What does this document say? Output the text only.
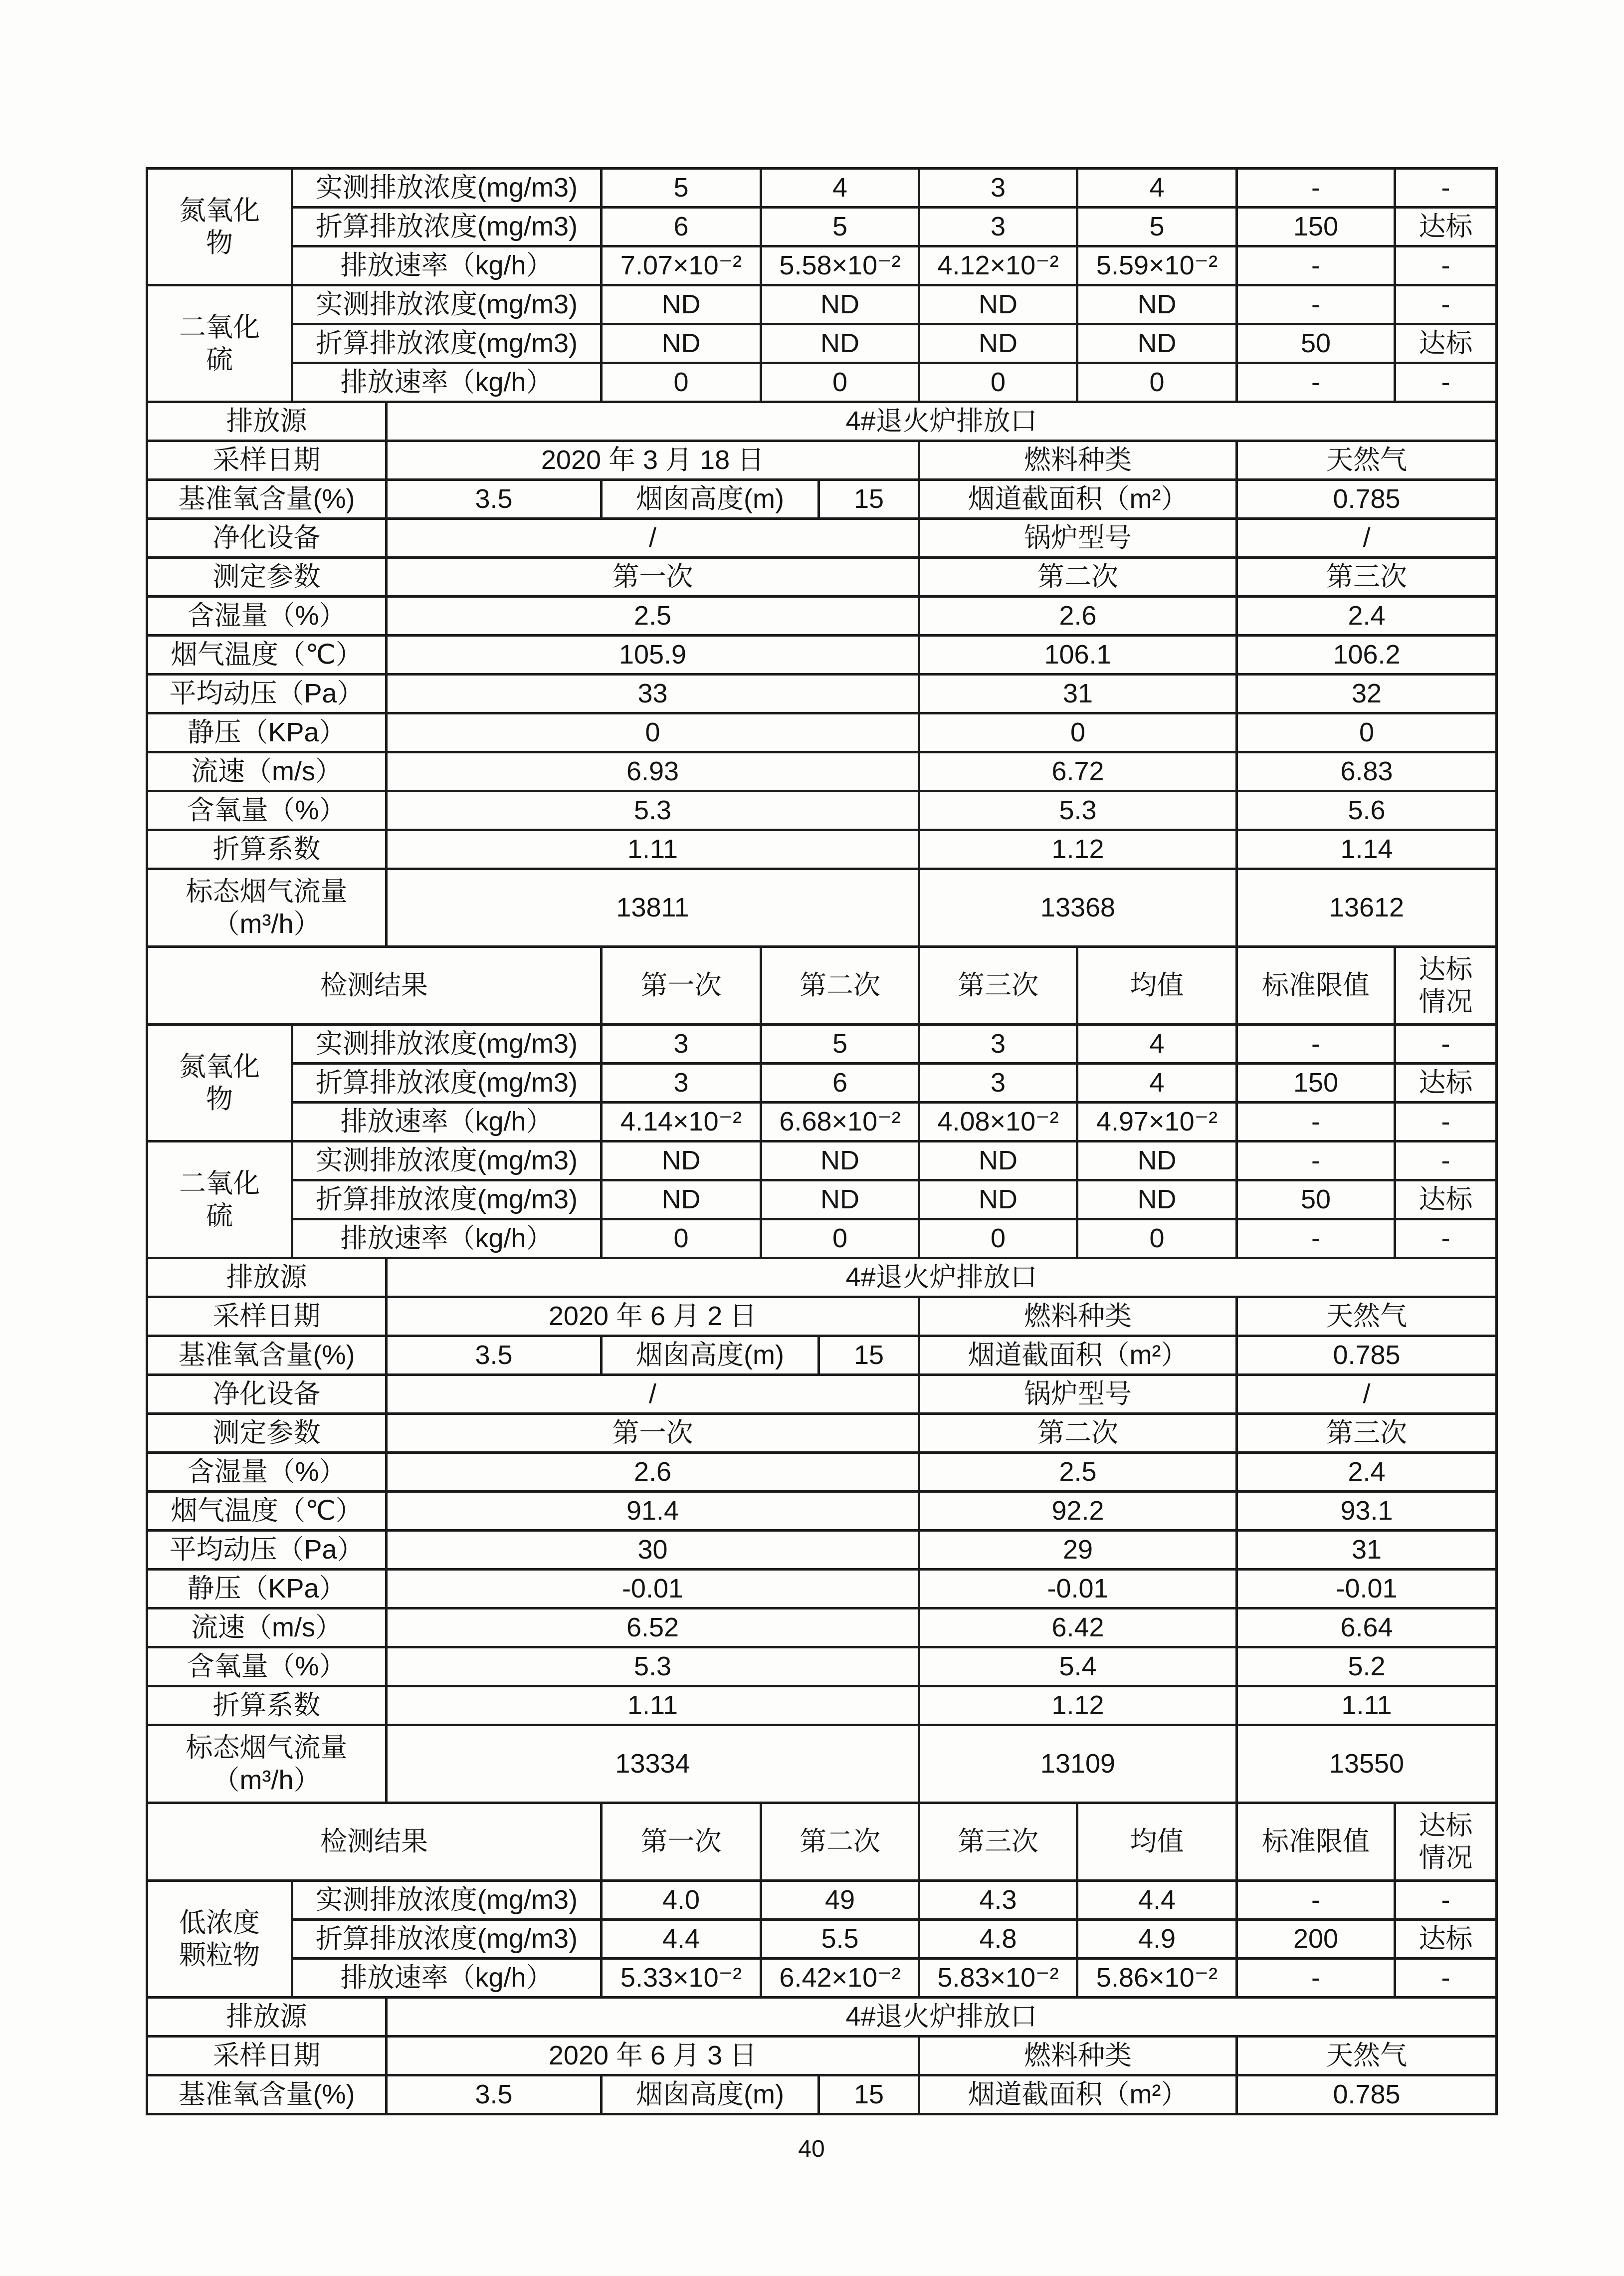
氮氧化物	实测排放浓度(mg/m3)		5	4		3	4	-	-
	折算排放浓度(mg/m3)		6	5		3	5	150	达标
	排放速率（kg/h）		7.07×10⁻²	5.58×10⁻²		4.12×10⁻²	5.59×10⁻²	-	-
二氧化硫	实测排放浓度(mg/m3)		ND	ND		ND	ND	-	-
	折算排放浓度(mg/m3)		ND	ND		ND	ND	50	达标
	排放速率（kg/h）		0	0		0	0	-	-
排放源		4#退火炉排放口							
采样日期		2020 年 3 月 18 日				燃料种类		天然气	
基准氧含量(%)		3.5	烟囱高度(m)		15	烟道截面积（m²）		0.785	
净化设备		/				锅炉型号		/	
测定参数		第一次				第二次		第三次	
含湿量（%）		2.5				2.6		2.4	
烟气温度（℃）		105.9				106.1		106.2	
平均动压（Pa）		33				31		32	
静压（KPa）		0				0		0	
流速（m/s）		6.93				6.72		6.83	
含氧量（%）		5.3				5.3		5.6	
折算系数		1.11				1.12		1.14	
标态烟气流量（m³/h）		13811				13368		13612	
检测结果			第一次	第二次		第三次	均值	标准限值	达标情况
氮氧化物	实测排放浓度(mg/m3)		3	5		3	4	-	-
	折算排放浓度(mg/m3)		3	6		3	4	150	达标
	排放速率（kg/h）		4.14×10⁻²	6.68×10⁻²		4.08×10⁻²	4.97×10⁻²	-	-
二氧化硫	实测排放浓度(mg/m3)		ND	ND		ND	ND	-	-
	折算排放浓度(mg/m3)		ND	ND		ND	ND	50	达标
	排放速率（kg/h）		0	0		0	0	-	-
排放源		4#退火炉排放口							
采样日期		2020 年 6 月 2 日				燃料种类		天然气	
基准氧含量(%)		3.5	烟囱高度(m)		15	烟道截面积（m²）		0.785	
净化设备		/				锅炉型号		/	
测定参数		第一次				第二次		第三次	
含湿量（%）		2.6				2.5		2.4	
烟气温度（℃）		91.4				92.2		93.1	
平均动压（Pa）		30				29		31	
静压（KPa）		-0.01				-0.01		-0.01	
流速（m/s）		6.52				6.42		6.64	
含氧量（%）		5.3				5.4		5.2	
折算系数		1.11				1.12		1.11	
标态烟气流量（m³/h）		13334				13109		13550	
检测结果			第一次	第二次		第三次	均值	标准限值	达标情况
低浓度颗粒物	实测排放浓度(mg/m3)		4.0	49		4.3	4.4	-	-
	折算排放浓度(mg/m3)		4.4	5.5		4.8	4.9	200	达标
	排放速率（kg/h）		5.33×10⁻²	6.42×10⁻²		5.83×10⁻²	5.86×10⁻²	-	-
排放源		4#退火炉排放口							
采样日期		2020 年 6 月 3 日				燃料种类		天然气	
基准氧含量(%)		3.5	烟囱高度(m)		15	烟道截面积（m²）		0.785	
40
